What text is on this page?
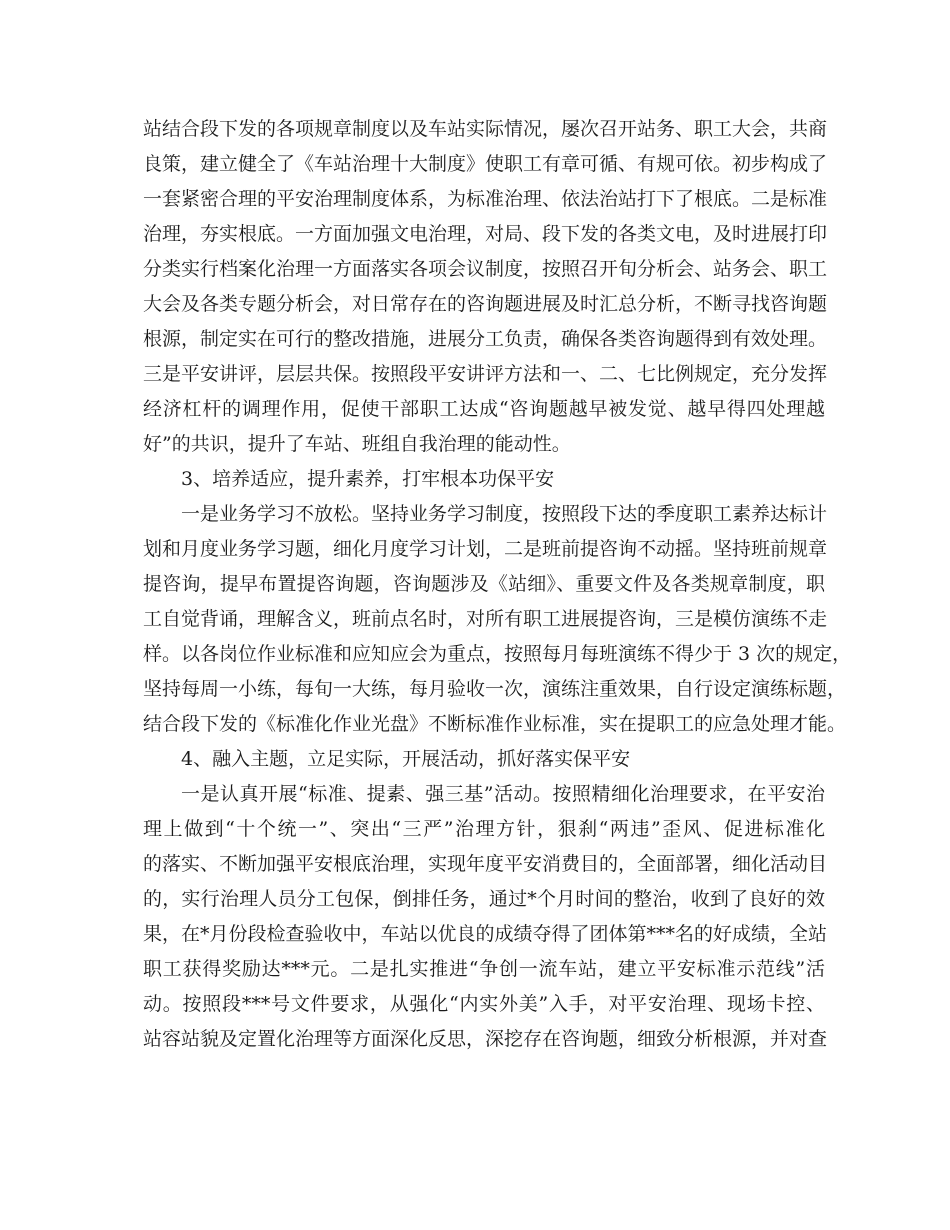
站结合段下发的各项规章制度以及车站实际情况，屡次召开站务、职工大会，共商
良策，建立健全了《车站治理十大制度》使职工有章可循、有规可依。初步构成了
一套紧密合理的平安治理制度体系，为标准治理、依法治站打下了根底。二是标准
治理，夯实根底。一方面加强文电治理，对局、段下发的各类文电，及时进展打印
分类实行档案化治理一方面落实各项会议制度，按照召开旬分析会、站务会、职工
大会及各类专题分析会，对日常存在的咨询题进展及时汇总分析，不断寻找咨询题
根源，制定实在可行的整改措施，进展分工负责，确保各类咨询题得到有效处理。
三是平安讲评，层层共保。按照段平安讲评方法和一、二、七比例规定，充分发挥
经济杠杆的调理作用，促使干部职工达成“咨询题越早被发觉、越早得四处理越
好”的共识，提升了车站、班组自我治理的能动性。
3、培养适应，提升素养，打牢根本功保平安
一是业务学习不放松。坚持业务学习制度，按照段下达的季度职工素养达标计
划和月度业务学习题，细化月度学习计划，二是班前提咨询不动摇。坚持班前规章
提咨询，提早布置提咨询题，咨询题涉及《站细》、重要文件及各类规章制度，职
工自觉背诵，理解含义，班前点名时，对所有职工进展提咨询，三是模仿演练不走
样。以各岗位作业标准和应知应会为重点，按照每月每班演练不得少于 3 次的规定，
坚持每周一小练，每旬一大练，每月验收一次，演练注重效果，自行设定演练标题，
结合段下发的《标准化作业光盘》不断标准作业标准，实在提职工的应急处理才能。
4、融入主题，立足实际，开展活动，抓好落实保平安
一是认真开展“标准、提素、强三基”活动。按照精细化治理要求，在平安治
理上做到“十个统一”、突出“三严”治理方针，狠刹“两违”歪风、促进标准化
的落实、不断加强平安根底治理，实现年度平安消费目的，全面部署，细化活动目
的，实行治理人员分工包保，倒排任务，通过*个月时间的整治，收到了良好的效
果，在*月份段检查验收中，车站以优良的成绩夺得了团体第***名的好成绩，全站
职工获得奖励达***元。二是扎实推进“争创一流车站，建立平安标准示范线”活
动。按照段***号文件要求，从强化“内实外美”入手，对平安治理、现场卡控、
站容站貌及定置化治理等方面深化反思，深挖存在咨询题，细致分析根源，并对查
